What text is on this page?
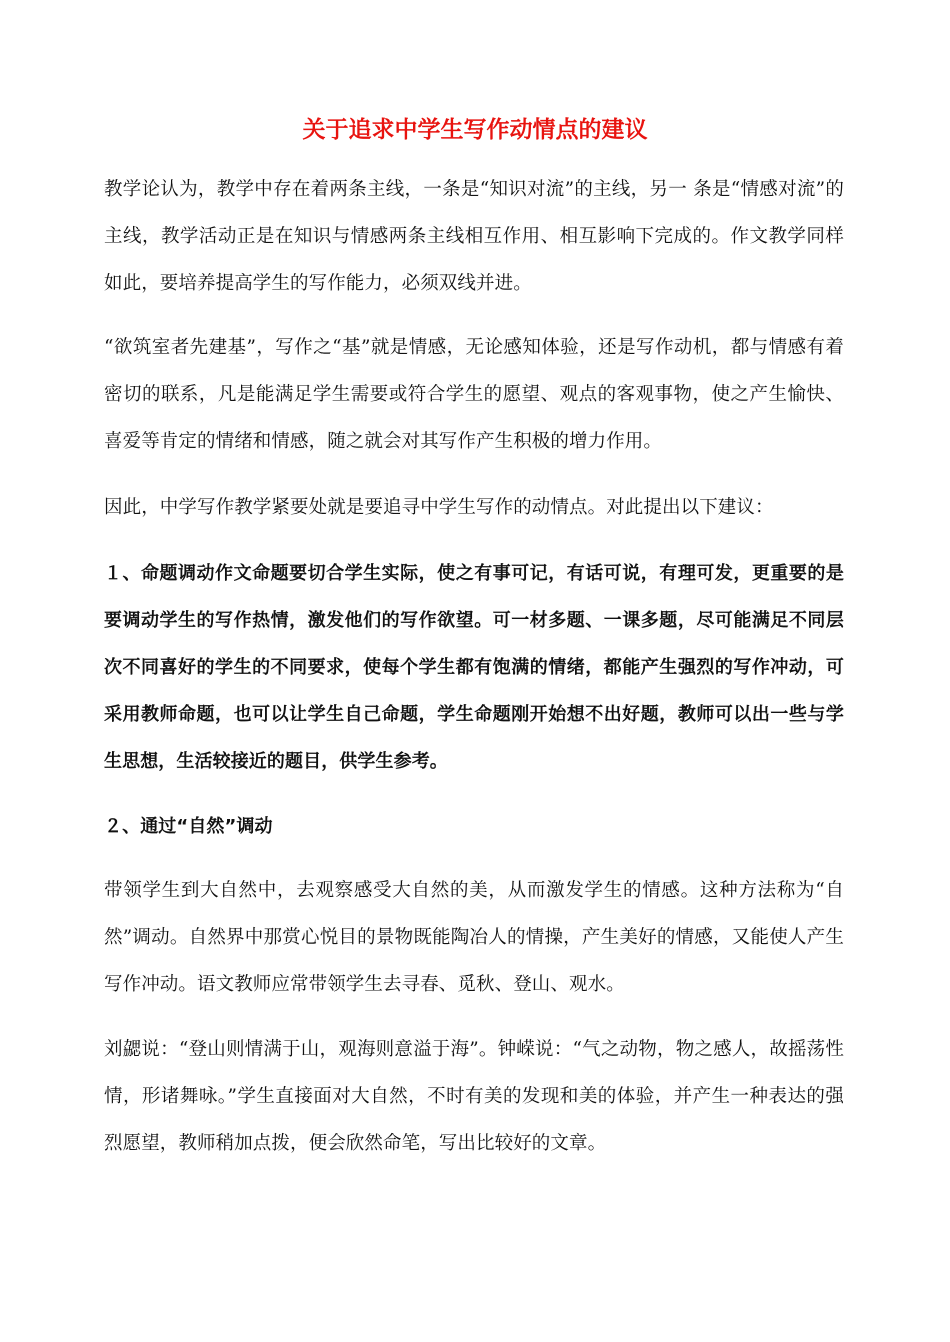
关于追求中学生写作动情点的建议

教学论认为，教学中存在着两条主线，一条是“知识对流”的主线，另一 条是“情感对流”的主线，教学活动正是在知识与情感两条主线相互作用、相互影响下完成的。作文教学同样如此，要培养提高学生的写作能力，必须双线并进。

“欲筑室者先建基”，写作之“基”就是情感，无论感知体验，还是写作动机，都与情感有着密切的联系，凡是能满足学生需要或符合学生的愿望、观点的客观事物，使之产生愉快、喜爱等肯定的情绪和情感，随之就会对其写作产生积极的增力作用。

因此，中学写作教学紧要处就是要追寻中学生写作的动情点。对此提出以下建议：

１、命题调动作文命题要切合学生实际，使之有事可记，有话可说，有理可发，更重要的是要调动学生的写作热情，激发他们的写作欲望。可一材多题、一课多题，尽可能满足不同层次不同喜好的学生的不同要求，使每个学生都有饱满的情绪，都能产生强烈的写作冲动，可采用教师命题，也可以让学生自己命题，学生命题刚开始想不出好题，教师可以出一些与学生思想，生活较接近的题目，供学生参考。

２、通过“自然”调动

带领学生到大自然中，去观察感受大自然的美，从而激发学生的情感。这种方法称为“自然”调动。自然界中那赏心悦目的景物既能陶冶人的情操，产生美好的情感，又能使人产生写作冲动。语文教师应常带领学生去寻春、觅秋、登山、观水。

刘勰说：“登山则情满于山，观海则意溢于海”。钟嵘说：“气之动物，物之感人，故摇荡性情，形诸舞咏。”学生直接面对大自然，不时有美的发现和美的体验，并产生一种表达的强烈愿望，教师稍加点拨，便会欣然命笔，写出比较好的文章。
